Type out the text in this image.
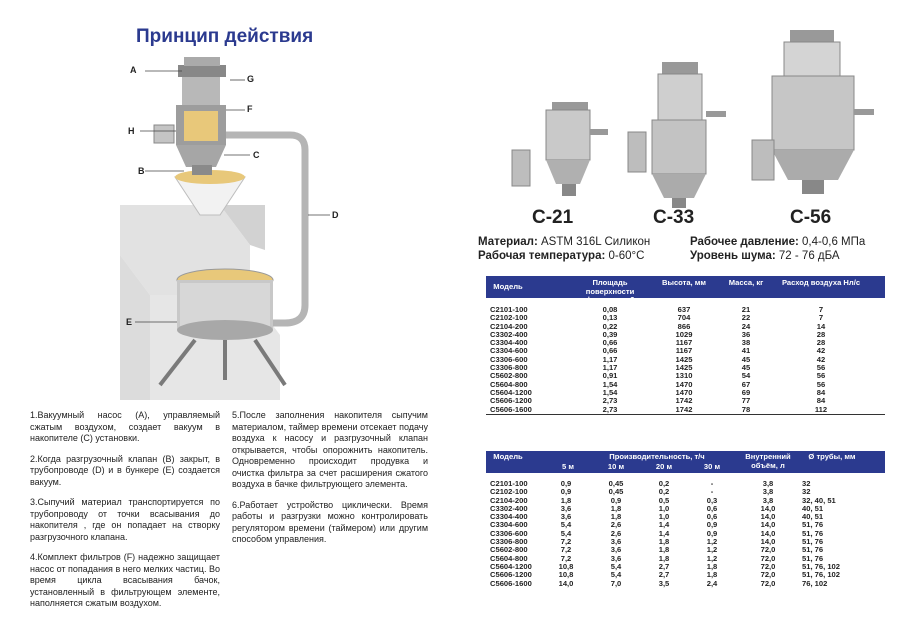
Принцип действия
A
G
F
H
B
C
D
E

1.Вакуумный насос (А), управляемый сжатым воздухом, создает вакуум в накопителе (С) установки.

2.Когда разгрузочный клапан (В) закрыт, в трубопроводе (D) и в бункере (Е) создается вакуум.

3.Сыпучий материал транспортируется по трубопроводу от точки всасывания до накопителя , где он попадает на створку разгрузочного клапана.

4.Комплект фильтров (F) надежно защищает насос от попадания в него мелких частиц. Во время цикла всасывания бачок, установленный в фильтрующем элементе, наполняется сжатым воздухом.

5.После заполнения накопителя сыпучим материалом, таймер времени отсекает подачу воздуха к насосу и разгрузочный клапан открывается, чтобы опорожнить накопитель. Одновременно происходит продувка и очистка фильтра за счет расширения сжатого воздуха в бачке фильтрующего элемента.

6.Работает устройство циклически. Время работы и разгрузки можно контролировать регулятором времени (таймером) или другим способом управления.

C-21	C-33	C-56
Материал: ASTM 316L Силикон
Рабочая температура: 0-60°С
Рабочее давление: 0,4-0,6 МПа
Уровень шума: 72 - 76 дБА
Модель	Площадь поверхности фильтра, м 2
Высота, мм	Масса, кг	Расход воздуха Нл/с
C2101-100	0,08	637	21	7
C2102-100	0,13	704	22	7
C2104-200	0,22	866	24	14
C3302-400	0,39	1029	36	28
C3304-400	0,66	1167	38	28
C3304-600	0,66	1167	41	42
C3306-600	1,17	1425	45	42
C3306-800	1,17	1425	45	56
C5602-800	0,91	1310	54	56
C5604-800	1,54	1470	67	56
C5604-1200	1,54	1470	69	84
C5606-1200	2,73	1742	77	84
C5606-1600	2,73	1742	78	112
Модель	Производительность, т/ч	Внутренний объём, л
Ø трубы, мм
5 м	10 м	20 м	30 м
C2101-100	0,9	0,45	0,2	-	3,8	32
C2102-100	0,9	0,45	0,2	-	3,8	32
C2104-200	1,8	0,9	0,5	0,3	3,8	32, 40, 51
C3302-400	3,6	1,8	1,0	0,6	14,0	40, 51
C3304-400	3,6	1,8	1,0	0,6	14,0	40, 51
C3304-600	5,4	2,6	1,4	0,9	14,0	51, 76
C3306-600	5,4	2,6	1,4	0,9	14,0	51, 76
C3306-800	7,2	3,6	1,8	1,2	14,0	51, 76
C5602-800	7,2	3,6	1,8	1,2	72,0	51, 76
C5604-800	7,2	3,6	1,8	1,2	72,0	51, 76
C5604-1200	10,8	5,4	2,7	1,8	72,0	51, 76, 102
C5606-1200	10,8	5,4	2,7	1,8	72,0	51, 76, 102
C5606-1600	14,0	7,0	3,5	2,4	72,0	76, 102
